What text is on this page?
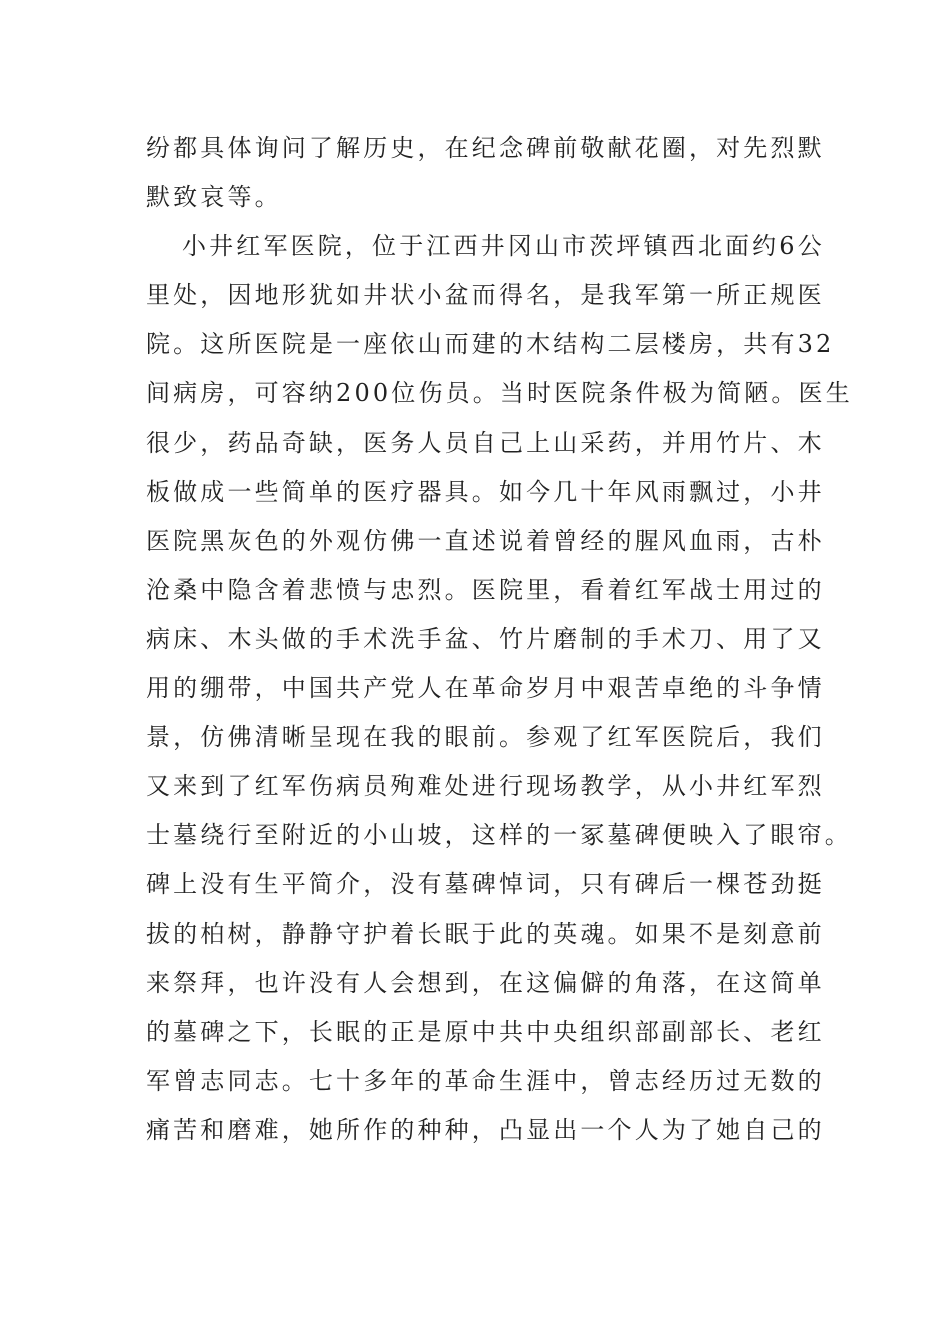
纷都具体询问了解历史，在纪念碑前敬献花圈，对先烈默
默致哀等。
小井红军医院，位于江西井冈山市茨坪镇西北面约6公
里处，因地形犹如井状小盆而得名，是我军第一所正规医
院。这所医院是一座依山而建的木结构二层楼房，共有32
间病房，可容纳200位伤员。当时医院条件极为简陋。医生
很少，药品奇缺，医务人员自己上山采药，并用竹片、木
板做成一些简单的医疗器具。如今几十年风雨飘过，小井
医院黑灰色的外观仿佛一直述说着曾经的腥风血雨，古朴
沧桑中隐含着悲愤与忠烈。医院里，看着红军战士用过的
病床、木头做的手术洗手盆、竹片磨制的手术刀、用了又
用的绷带，中国共产党人在革命岁月中艰苦卓绝的斗争情
景，仿佛清晰呈现在我的眼前。参观了红军医院后，我们
又来到了红军伤病员殉难处进行现场教学，从小井红军烈
士墓绕行至附近的小山坡，这样的一冢墓碑便映入了眼帘。
碑上没有生平简介，没有墓碑悼词，只有碑后一棵苍劲挺
拔的柏树，静静守护着长眠于此的英魂。如果不是刻意前
来祭拜，也许没有人会想到，在这偏僻的角落，在这简单
的墓碑之下，长眠的正是原中共中央组织部副部长、老红
军曾志同志。七十多年的革命生涯中，曾志经历过无数的
痛苦和磨难，她所作的种种，凸显出一个人为了她自己的
